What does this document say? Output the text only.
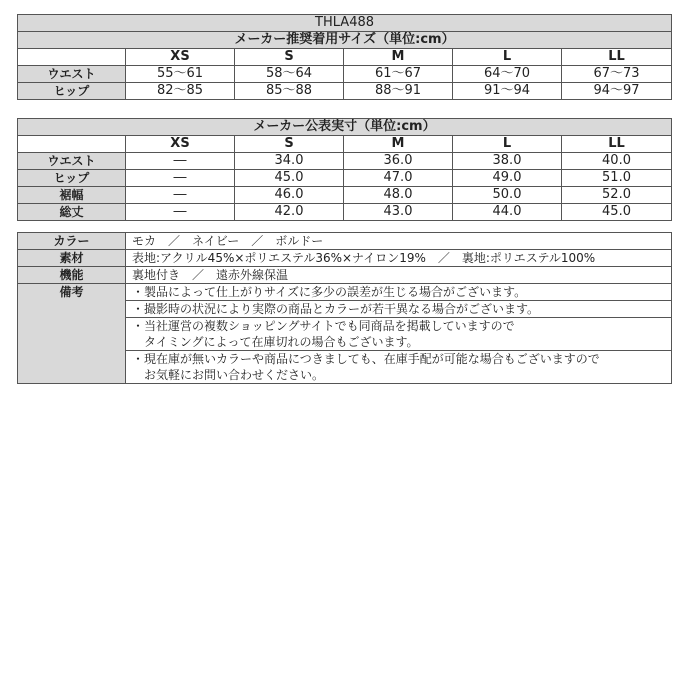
THLA488					
メーカー推奨着用サイズ（単位:cm）					
	XS	S	M	L	LL
ウエスト	55〜61	58〜64	61〜67	64〜70	67〜73
ヒップ	82〜85	85〜88	88〜91	91〜94	94〜97
メーカー公表実寸（単位:cm）					
	XS	S	M	L	LL
ウエスト	―	34.0	36.0	38.0	40.0
ヒップ	―	45.0	47.0	49.0	51.0
裾幅	―	46.0	48.0	50.0	52.0
総丈	―	42.0	43.0	44.0	45.0
カラー	モカ　／　ネイビー　／　ボルドー
素材	表地:アクリル45%×ポリエステル36%×ナイロン19%　／　裏地:ポリエステル100%
機能	裏地付き　／　遠赤外線保温
備考	・製品によって仕上がりサイズに多少の誤差が生じる場合がございます。

	・撮影時の状況により実際の商品とカラーが若干異なる場合がございます。

	・当社運営の複数ショッピングサイトでも同商品を掲載していますので
　タイミングによって在庫切れの場合もございます。

	・現在庫が無いカラーや商品につきましても、在庫手配が可能な場合もございますので
　お気軽にお問い合わせください。
